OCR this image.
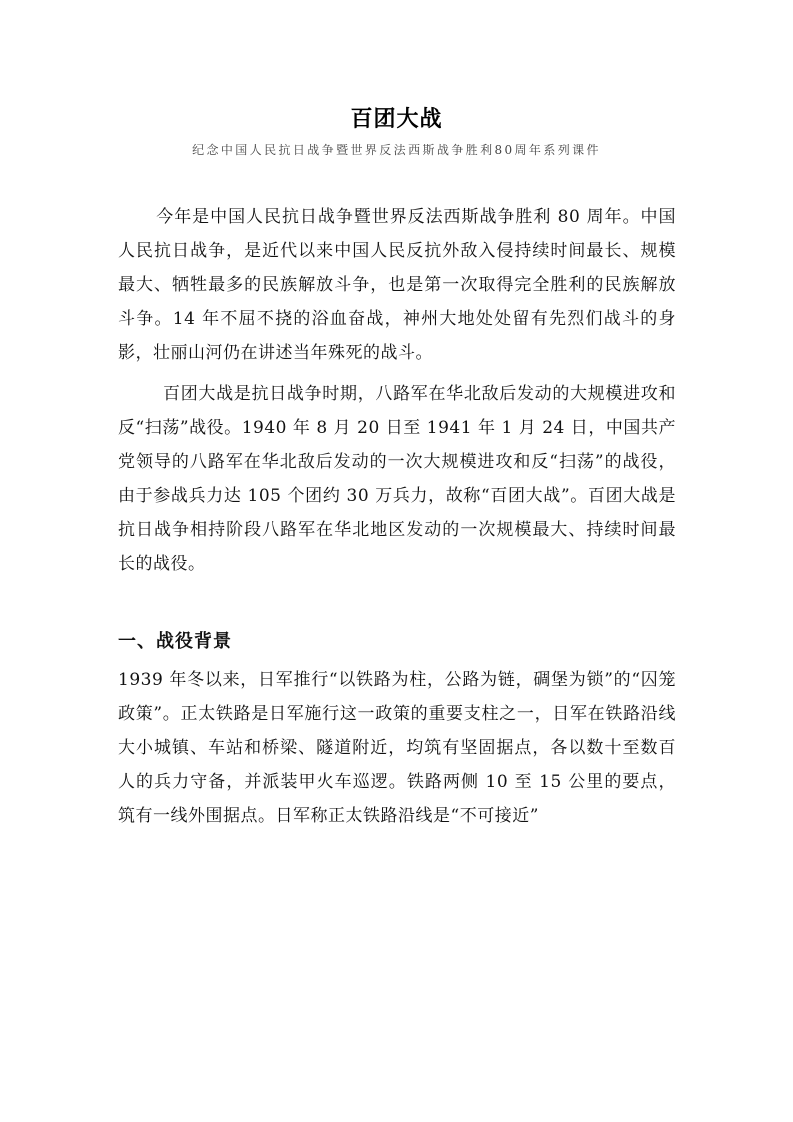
百团大战
纪念中国人民抗日战争暨世界反法西斯战争胜利80周年系列课件

今年是中国人民抗日战争暨世界反法西斯战争胜利 80 周年。中国人民抗日战争，是近代以来中国人民反抗外敌入侵持续时间最长、规模最大、牺牲最多的民族解放斗争，也是第一次取得完全胜利的民族解放斗争。14 年不屈不挠的浴血奋战，神州大地处处留有先烈们战斗的身影，壮丽山河仍在讲述当年殊死的战斗。

百团大战是抗日战争时期，八路军在华北敌后发动的大规模进攻和反“扫荡”战役。1940 年 8 月 20 日至 1941 年 1 月 24 日，中国共产党领导的八路军在华北敌后发动的一次大规模进攻和反“扫荡”的战役，由于参战兵力达 105 个团约 30 万兵力，故称“百团大战”。百团大战是抗日战争相持阶段八路军在华北地区发动的一次规模最大、持续时间最长的战役。

一、战役背景

1939 年冬以来，日军推行“以铁路为柱，公路为链，碉堡为锁”的“囚笼政策”。正太铁路是日军施行这一政策的重要支柱之一，日军在铁路沿线大小城镇、车站和桥梁、隧道附近，均筑有坚固据点，各以数十至数百人的兵力守备，并派装甲火车巡逻。铁路两侧 10 至 15 公里的要点，筑有一线外围据点。日军称正太铁路沿线是“不可接近”
